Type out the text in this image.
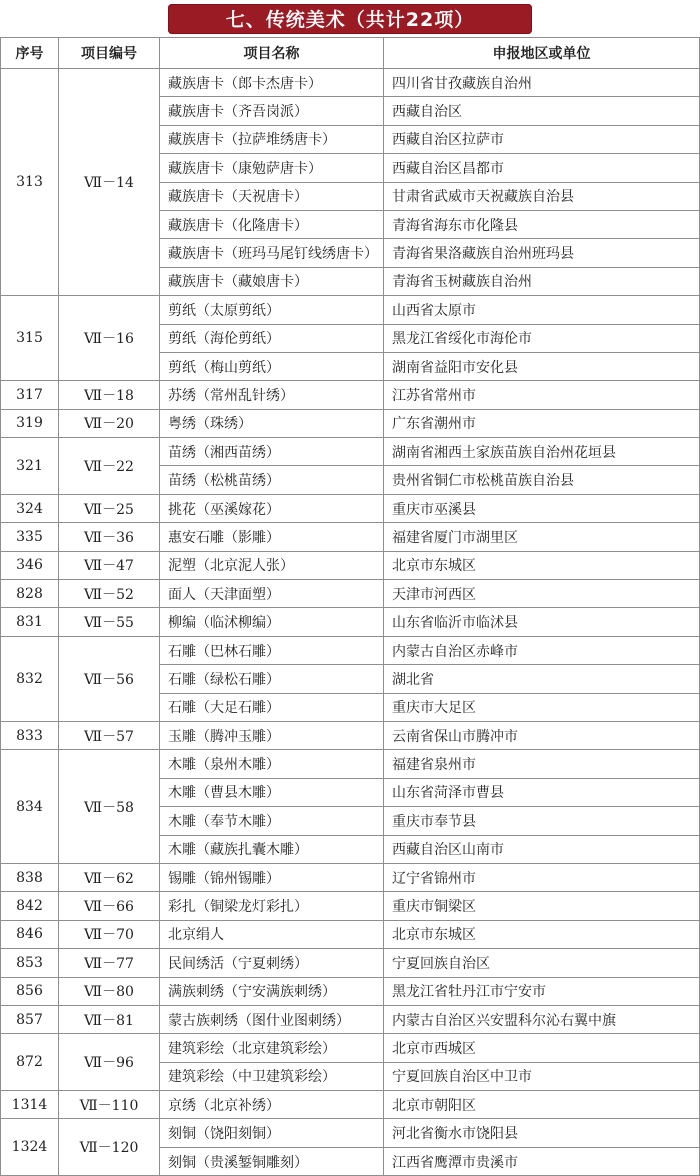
七、传统美术（共计22项）
序号	项目编号	项目名称	申报地区或单位
313	Ⅶ－14	藏族唐卡（郎卡杰唐卡）	四川省甘孜藏族自治州
		藏族唐卡（齐吾岗派）	西藏自治区
		藏族唐卡（拉萨堆绣唐卡）	西藏自治区拉萨市
		藏族唐卡（康勉萨唐卡）	西藏自治区昌都市
		藏族唐卡（天祝唐卡）	甘肃省武威市天祝藏族自治县
		藏族唐卡（化隆唐卡）	青海省海东市化隆县
		藏族唐卡（班玛马尾钉线绣唐卡）	青海省果洛藏族自治州班玛县
		藏族唐卡（藏娘唐卡）	青海省玉树藏族自治州
315	Ⅶ－16	剪纸（太原剪纸）	山西省太原市
		剪纸（海伦剪纸）	黑龙江省绥化市海伦市
		剪纸（梅山剪纸）	湖南省益阳市安化县
317	Ⅶ－18	苏绣（常州乱针绣）	江苏省常州市
319	Ⅶ－20	粤绣（珠绣）	广东省潮州市
321	Ⅶ－22	苗绣（湘西苗绣）	湖南省湘西土家族苗族自治州花垣县
		苗绣（松桃苗绣）	贵州省铜仁市松桃苗族自治县
324	Ⅶ－25	挑花（巫溪嫁花）	重庆市巫溪县
335	Ⅶ－36	惠安石雕（影雕）	福建省厦门市湖里区
346	Ⅶ－47	泥塑（北京泥人张）	北京市东城区
828	Ⅶ－52	面人（天津面塑）	天津市河西区
831	Ⅶ－55	柳编（临沭柳编）	山东省临沂市临沭县
832	Ⅶ－56	石雕（巴林石雕）	内蒙古自治区赤峰市
		石雕（绿松石雕）	湖北省
		石雕（大足石雕）	重庆市大足区
833	Ⅶ－57	玉雕（腾冲玉雕）	云南省保山市腾冲市
834	Ⅶ－58	木雕（泉州木雕）	福建省泉州市
		木雕（曹县木雕）	山东省菏泽市曹县
		木雕（奉节木雕）	重庆市奉节县
		木雕（藏族扎囊木雕）	西藏自治区山南市
838	Ⅶ－62	锡雕（锦州锡雕）	辽宁省锦州市
842	Ⅶ－66	彩扎（铜梁龙灯彩扎）	重庆市铜梁区
846	Ⅶ－70	北京绢人	北京市东城区
853	Ⅶ－77	民间绣活（宁夏刺绣）	宁夏回族自治区
856	Ⅶ－80	满族刺绣（宁安满族刺绣）	黑龙江省牡丹江市宁安市
857	Ⅶ－81	蒙古族刺绣（图什业图刺绣）	内蒙古自治区兴安盟科尔沁右翼中旗
872	Ⅶ－96	建筑彩绘（北京建筑彩绘）	北京市西城区
		建筑彩绘（中卫建筑彩绘）	宁夏回族自治区中卫市
1314	Ⅶ－110	京绣（北京补绣）	北京市朝阳区
1324	Ⅶ－120	刻铜（饶阳刻铜）	河北省衡水市饶阳县
		刻铜（贵溪錾铜雕刻）	江西省鹰潭市贵溪市
